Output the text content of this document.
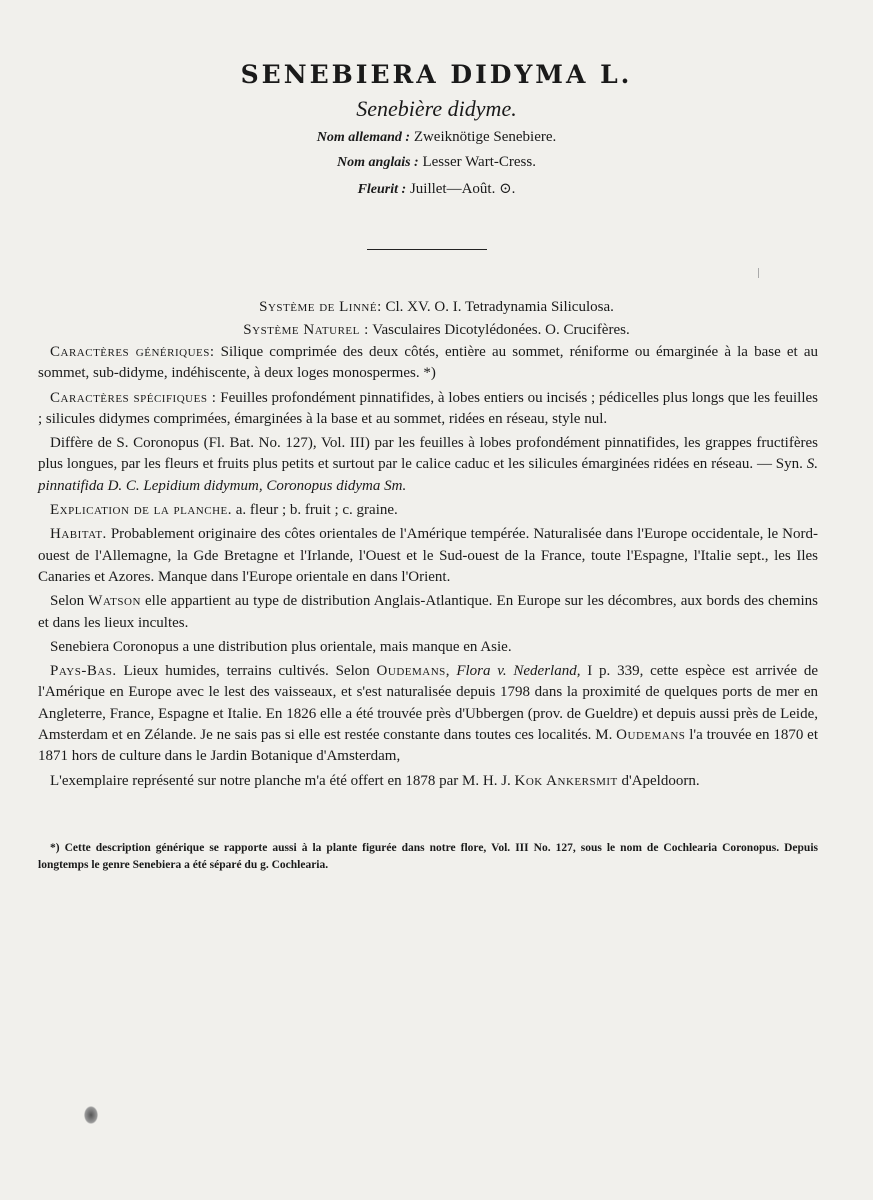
SENEBIERA DIDYMA L.
Senebière didyme.
Nom allemand : Zweiknötige Senebiere.
Nom anglais : Lesser Wart-Cress.
Fleurit : Juillet—Août. ⊙.
Système de Linné: Cl. XV. O. I. Tetradynamia Siliculosa.
Système Naturel : Vasculaires Dicotylédonées. O. Crucifères.

Caractères génériques: Silique comprimée des deux côtés, entière au sommet, réniforme ou émarginée à la base et au sommet, sub-didyme, indéhiscente, à deux loges monospermes. *)

Caractères spécifiques : Feuilles profondément pinnatifides, à lobes entiers ou incisés ; pédicelles plus longs que les feuilles ; silicules didymes comprimées, émarginées à la base et au sommet, ridées en réseau, style nul.

Diffère de S. Coronopus (Fl. Bat. No. 127), Vol. III) par les feuilles à lobes profondément pinnatifides, les grappes fructifères plus longues, par les fleurs et fruits plus petits et surtout par le calice caduc et les silicules émarginées ridées en réseau. — Syn. S. pinnatifida D. C. Lepidium didymum, Coronopus didyma Sm.

Explication de la planche. a. fleur ; b. fruit ; c. graine.

Habitat. Probablement originaire des côtes orientales de l'Amérique tempérée. Naturalisée dans l'Europe occidentale, le Nord-ouest de l'Allemagne, la Gde Bretagne et l'Irlande, l'Ouest et le Sud-ouest de la France, toute l'Espagne, l'Italie sept., les Iles Canaries et Azores. Manque dans l'Europe orientale en dans l'Orient.

Selon Watson elle appartient au type de distribution Anglais-Atlantique. En Europe sur les décombres, aux bords des chemins et dans les lieux incultes.

Senebiera Coronopus a une distribution plus orientale, mais manque en Asie.

Pays-Bas. Lieux humides, terrains cultivés. Selon Oudemans, Flora v. Nederland, I p. 339, cette espèce est arrivée de l'Amérique en Europe avec le lest des vaisseaux, et s'est naturalisée depuis 1798 dans la proximité de quelques ports de mer en Angleterre, France, Espagne et Italie. En 1826 elle a été trouvée près d'Ubbergen (prov. de Gueldre) et depuis aussi près de Leide, Amsterdam et en Zélande. Je ne sais pas si elle est restée constante dans toutes ces localités. M. Oudemans l'a trouvée en 1870 et 1871 hors de culture dans le Jardin Botanique d'Amsterdam,

L'exemplaire représenté sur notre planche m'a été offert en 1878 par M. H. J. Kok Ankersmit d'Apeldoorn.

*) Cette description générique se rapporte aussi à la plante figurée dans notre flore, Vol. III No. 127, sous le nom de Cochlearia Coronopus. Depuis longtemps le genre Senebiera a été séparé du g. Cochlearia.
